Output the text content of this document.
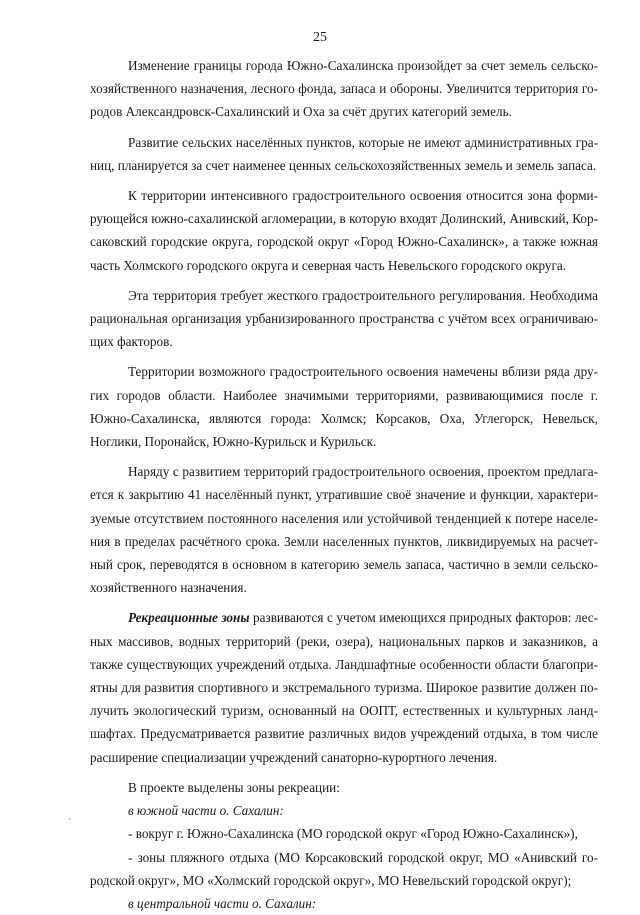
25

Изменение границы города Южно-Сахалинска произойдет за счет земель сельско-хозяйственного назначения, лесного фонда, запаса и обороны. Увеличится территория го-родов Александровск-Сахалинский и Оха за счёт других категорий земель.

Развитие сельских населённых пунктов, которые не имеют административных гра-ниц, планируется за счет наименее ценных сельскохозяйственных земель и земель запаса.

К территории интенсивного градостроительного освоения относится зона форми-рующейся южно-сахалинской агломерации, в которую входят Долинский, Анивский, Кор-саковский городские округа, городской округ «Город Южно-Сахалинск», а также южная часть Холмского городского округа и северная часть Невельского городского округа.

Эта территория требует жесткого градостроительного регулирования. Необходима рациональная организация урбанизированного пространства с учётом всех ограничиваю-щих факторов.

Территории возможного градостроительного освоения намечены вблизи ряда дру-гих городов области. Наиболее значимыми территориями, развивающимися после г. Южно-Сахалинска, являются города: Холмск; Корсаков, Оха, Углегорск, Невельск, Ноглики, Поронайск, Южно-Курильск и Курильск.

Наряду с развитием территорий градостроительного освоения, проектом предлага-ется к закрытию 41 населённый пункт, утратившие своё значение и функции, характери-зуемые отсутствием постоянного населения или устойчивой тенденцией к потере населе-ния в пределах расчётного срока. Земли населенных пунктов, ликвидируемых на расчет-ный срок, переводятся в основном в категорию земель запаса, частично в земли сельско-хозяйственного назначения.

Рекреационные зоны развиваются с учетом имеющихся природных факторов: лес-ных массивов, водных территорий (реки, озера), национальных парков и заказников, а также существующих учреждений отдыха. Ландшафтные особенности области благопри-ятны для развития спортивного и экстремального туризма. Широкое развитие должен по-лучить экологический туризм, основанный на ООПТ, естественных и культурных ланд-шафтах. Предусматривается развитие различных видов учреждений отдыха, в том числе расширение специализации учреждений санаторно-курортного лечения.

В проекте выделены зоны рекреации:

в южной части о. Сахалин:

- вокруг г. Южно-Сахалинска (МО городской округ «Город Южно-Сахалинск»),

- зоны пляжного отдыха (МО Корсаковский городской округ, МО «Анивский го-родской округ», МО «Холмский городской округ», МО Невельский городской округ);

в центральной части о. Сахалин:

ˋ
